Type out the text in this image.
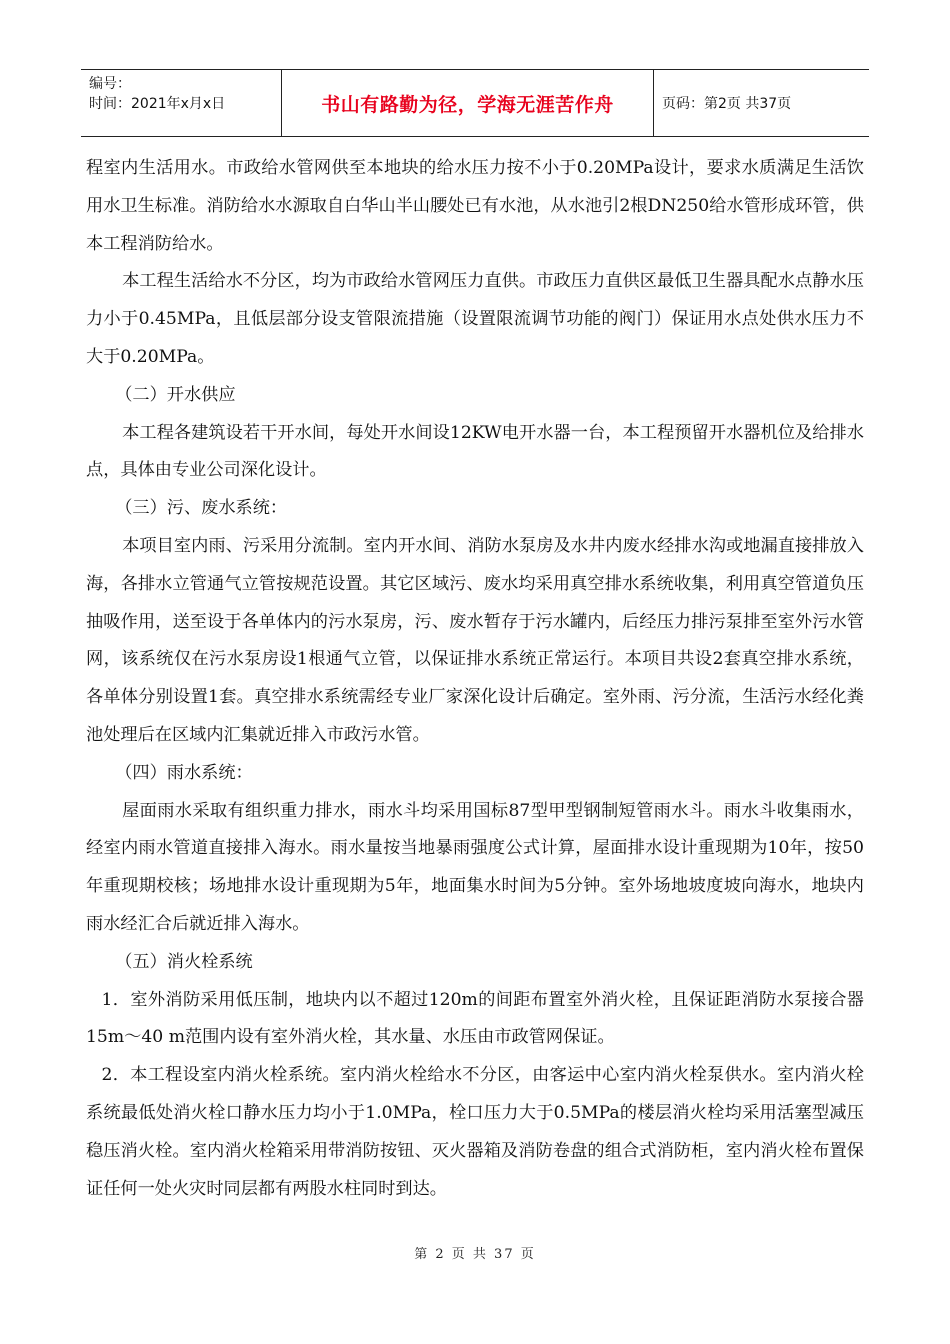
编号：
时间：2021年x月x日	书山有路勤为径，学海无涯苦作舟	页码：第2页 共37页

程室内生活用水。市政给水管网供至本地块的给水压力按不小于0.20MPa设计，要求水质满足生活饮用水卫生标准。消防给水水源取自白华山半山腰处已有水池，从水池引2根DN250给水管形成环管，供本工程消防给水。

本工程生活给水不分区，均为市政给水管网压力直供。市政压力直供区最低卫生器具配水点静水压力小于0.45MPa，且低层部分设支管限流措施（设置限流调节功能的阀门）保证用水点处供水压力不大于0.20MPa。

（二）开水供应

本工程各建筑设若干开水间，每处开水间设12KW电开水器一台，本工程预留开水器机位及给排水点，具体由专业公司深化设计。

（三）污、废水系统：

本项目室内雨、污采用分流制。室内开水间、消防水泵房及水井内废水经排水沟或地漏直接排放入海，各排水立管通气立管按规范设置。其它区域污、废水均采用真空排水系统收集，利用真空管道负压抽吸作用，送至设于各单体内的污水泵房，污、废水暂存于污水罐内，后经压力排污泵排至室外污水管网，该系统仅在污水泵房设1根通气立管，以保证排水系统正常运行。本项目共设2套真空排水系统，各单体分别设置1套。真空排水系统需经专业厂家深化设计后确定。室外雨、污分流，生活污水经化粪池处理后在区域内汇集就近排入市政污水管。

（四）雨水系统：

屋面雨水采取有组织重力排水，雨水斗均采用国标87型甲型钢制短管雨水斗。雨水斗收集雨水，经室内雨水管道直接排入海水。雨水量按当地暴雨强度公式计算，屋面排水设计重现期为10年，按50年重现期校核；场地排水设计重现期为5年，地面集水时间为5分钟。室外场地坡度坡向海水，地块内雨水经汇合后就近排入海水。

（五）消火栓系统

1．室外消防采用低压制，地块内以不超过120m的间距布置室外消火栓，且保证距消防水泵接合器15m～40 m范围内设有室外消火栓，其水量、水压由市政管网保证。

2．本工程设室内消火栓系统。室内消火栓给水不分区，由客运中心室内消火栓泵供水。室内消火栓系统最低处消火栓口静水压力均小于1.0MPa，栓口压力大于0.5MPa的楼层消火栓均采用活塞型减压稳压消火栓。室内消火栓箱采用带消防按钮、灭火器箱及消防卷盘的组合式消防柜，室内消火栓布置保证任何一处火灾时同层都有两股水柱同时到达。

第 2 页 共 37 页
